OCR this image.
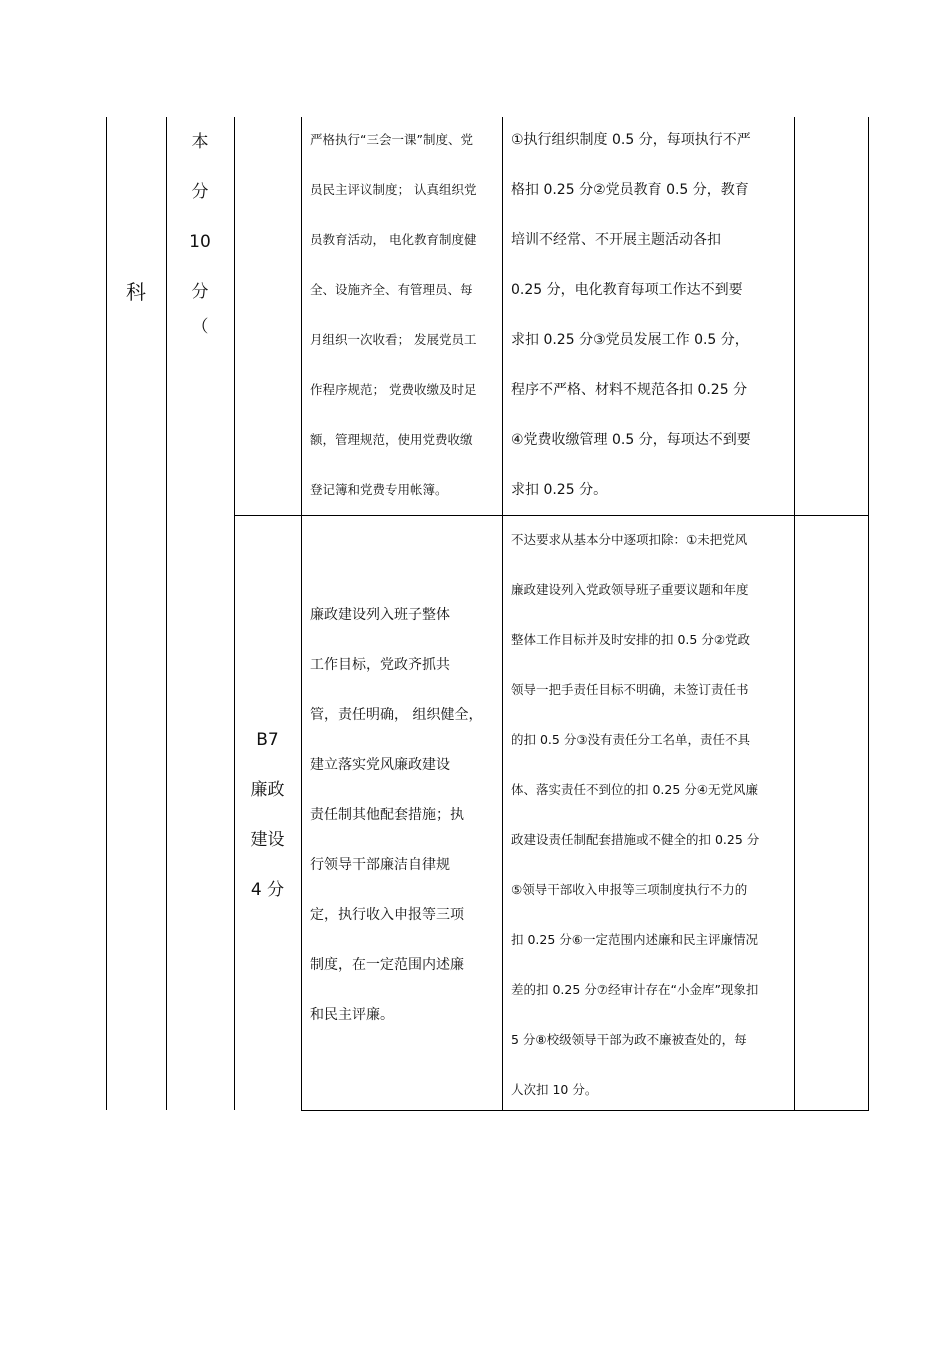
科
本
分
10
分
（
B7
廉政
建设
4 分
严格执行“三会一课”制度、党
员民主评议制度； 认真组织党
员教育活动， 电化教育制度健
全、设施齐全、有管理员、每
月组织一次收看； 发展党员工
作程序规范； 党费收缴及时足
额，管理规范，使用党费收缴
登记簿和党费专用帐簿。
①执行组织制度 0.5 分，每项执行不严
格扣 0.25 分②党员教育 0.5 分，教育
培训不经常、不开展主题活动各扣
0.25 分，电化教育每项工作达不到要
求扣 0.25 分③党员发展工作 0.5 分，
程序不严格、材料不规范各扣 0.25 分
④党费收缴管理 0.5 分，每项达不到要
求扣 0.25 分。
廉政建设列入班子整体
工作目标，党政齐抓共
管，责任明确， 组织健全，
建立落实党风廉政建设
责任制其他配套措施；执
行领导干部廉洁自律规
定，执行收入申报等三项
制度，在一定范围内述廉
和民主评廉。
不达要求从基本分中逐项扣除：①未把党风
廉政建设列入党政领导班子重要议题和年度
整体工作目标并及时安排的扣 0.5 分②党政
领导一把手责任目标不明确，未签订责任书
的扣 0.5 分③没有责任分工名单，责任不具
体、落实责任不到位的扣 0.25 分④无党风廉
政建设责任制配套措施或不健全的扣 0.25 分
⑤领导干部收入申报等三项制度执行不力的
扣 0.25 分⑥一定范围内述廉和民主评廉情况
差的扣 0.25 分⑦经审计存在“小金库”现象扣
5 分⑧校级领导干部为政不廉被查处的，每
人次扣 10 分。
